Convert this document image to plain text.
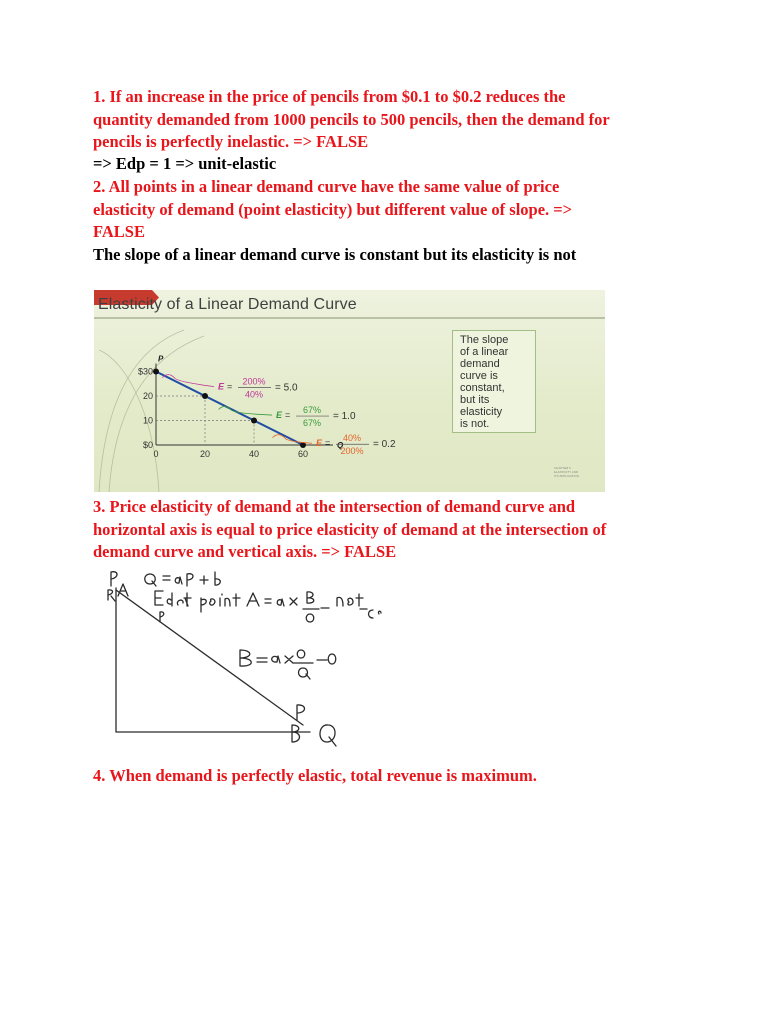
1. If an increase in the price of pencils from $0.1 to $0.2 reduces the
quantity demanded from 1000 pencils to 500 pencils, then the demand for
pencils is perfectly inelastic. => FALSE
=> Edp = 1 => unit-elastic
2. All points in a linear demand curve have the same value of price
elasticity of demand (point elasticity) but different value of slope. =>
FALSE
The slope of a linear demand curve is constant but its elasticity is not
Elasticity of a Linear Demand Curve
P
Q
$30
20
10
$0
0	20	40	60
E = 200%
40%
= 5.0
E = 67%
67%
= 1.0
E = 40%
200%
= 0.2
The slope
of a linear
demand
curve is
constant,
but its
elasticity
is not.
CHAPTER 5
ELASTICITY AND
ITS APPLICATION
3. Price elasticity of demand at the intersection of demand curve and
horizontal axis is equal to price elasticity of demand at the intersection of
demand curve and vertical axis. => FALSE
4. When demand is perfectly elastic, total revenue is maximum.
